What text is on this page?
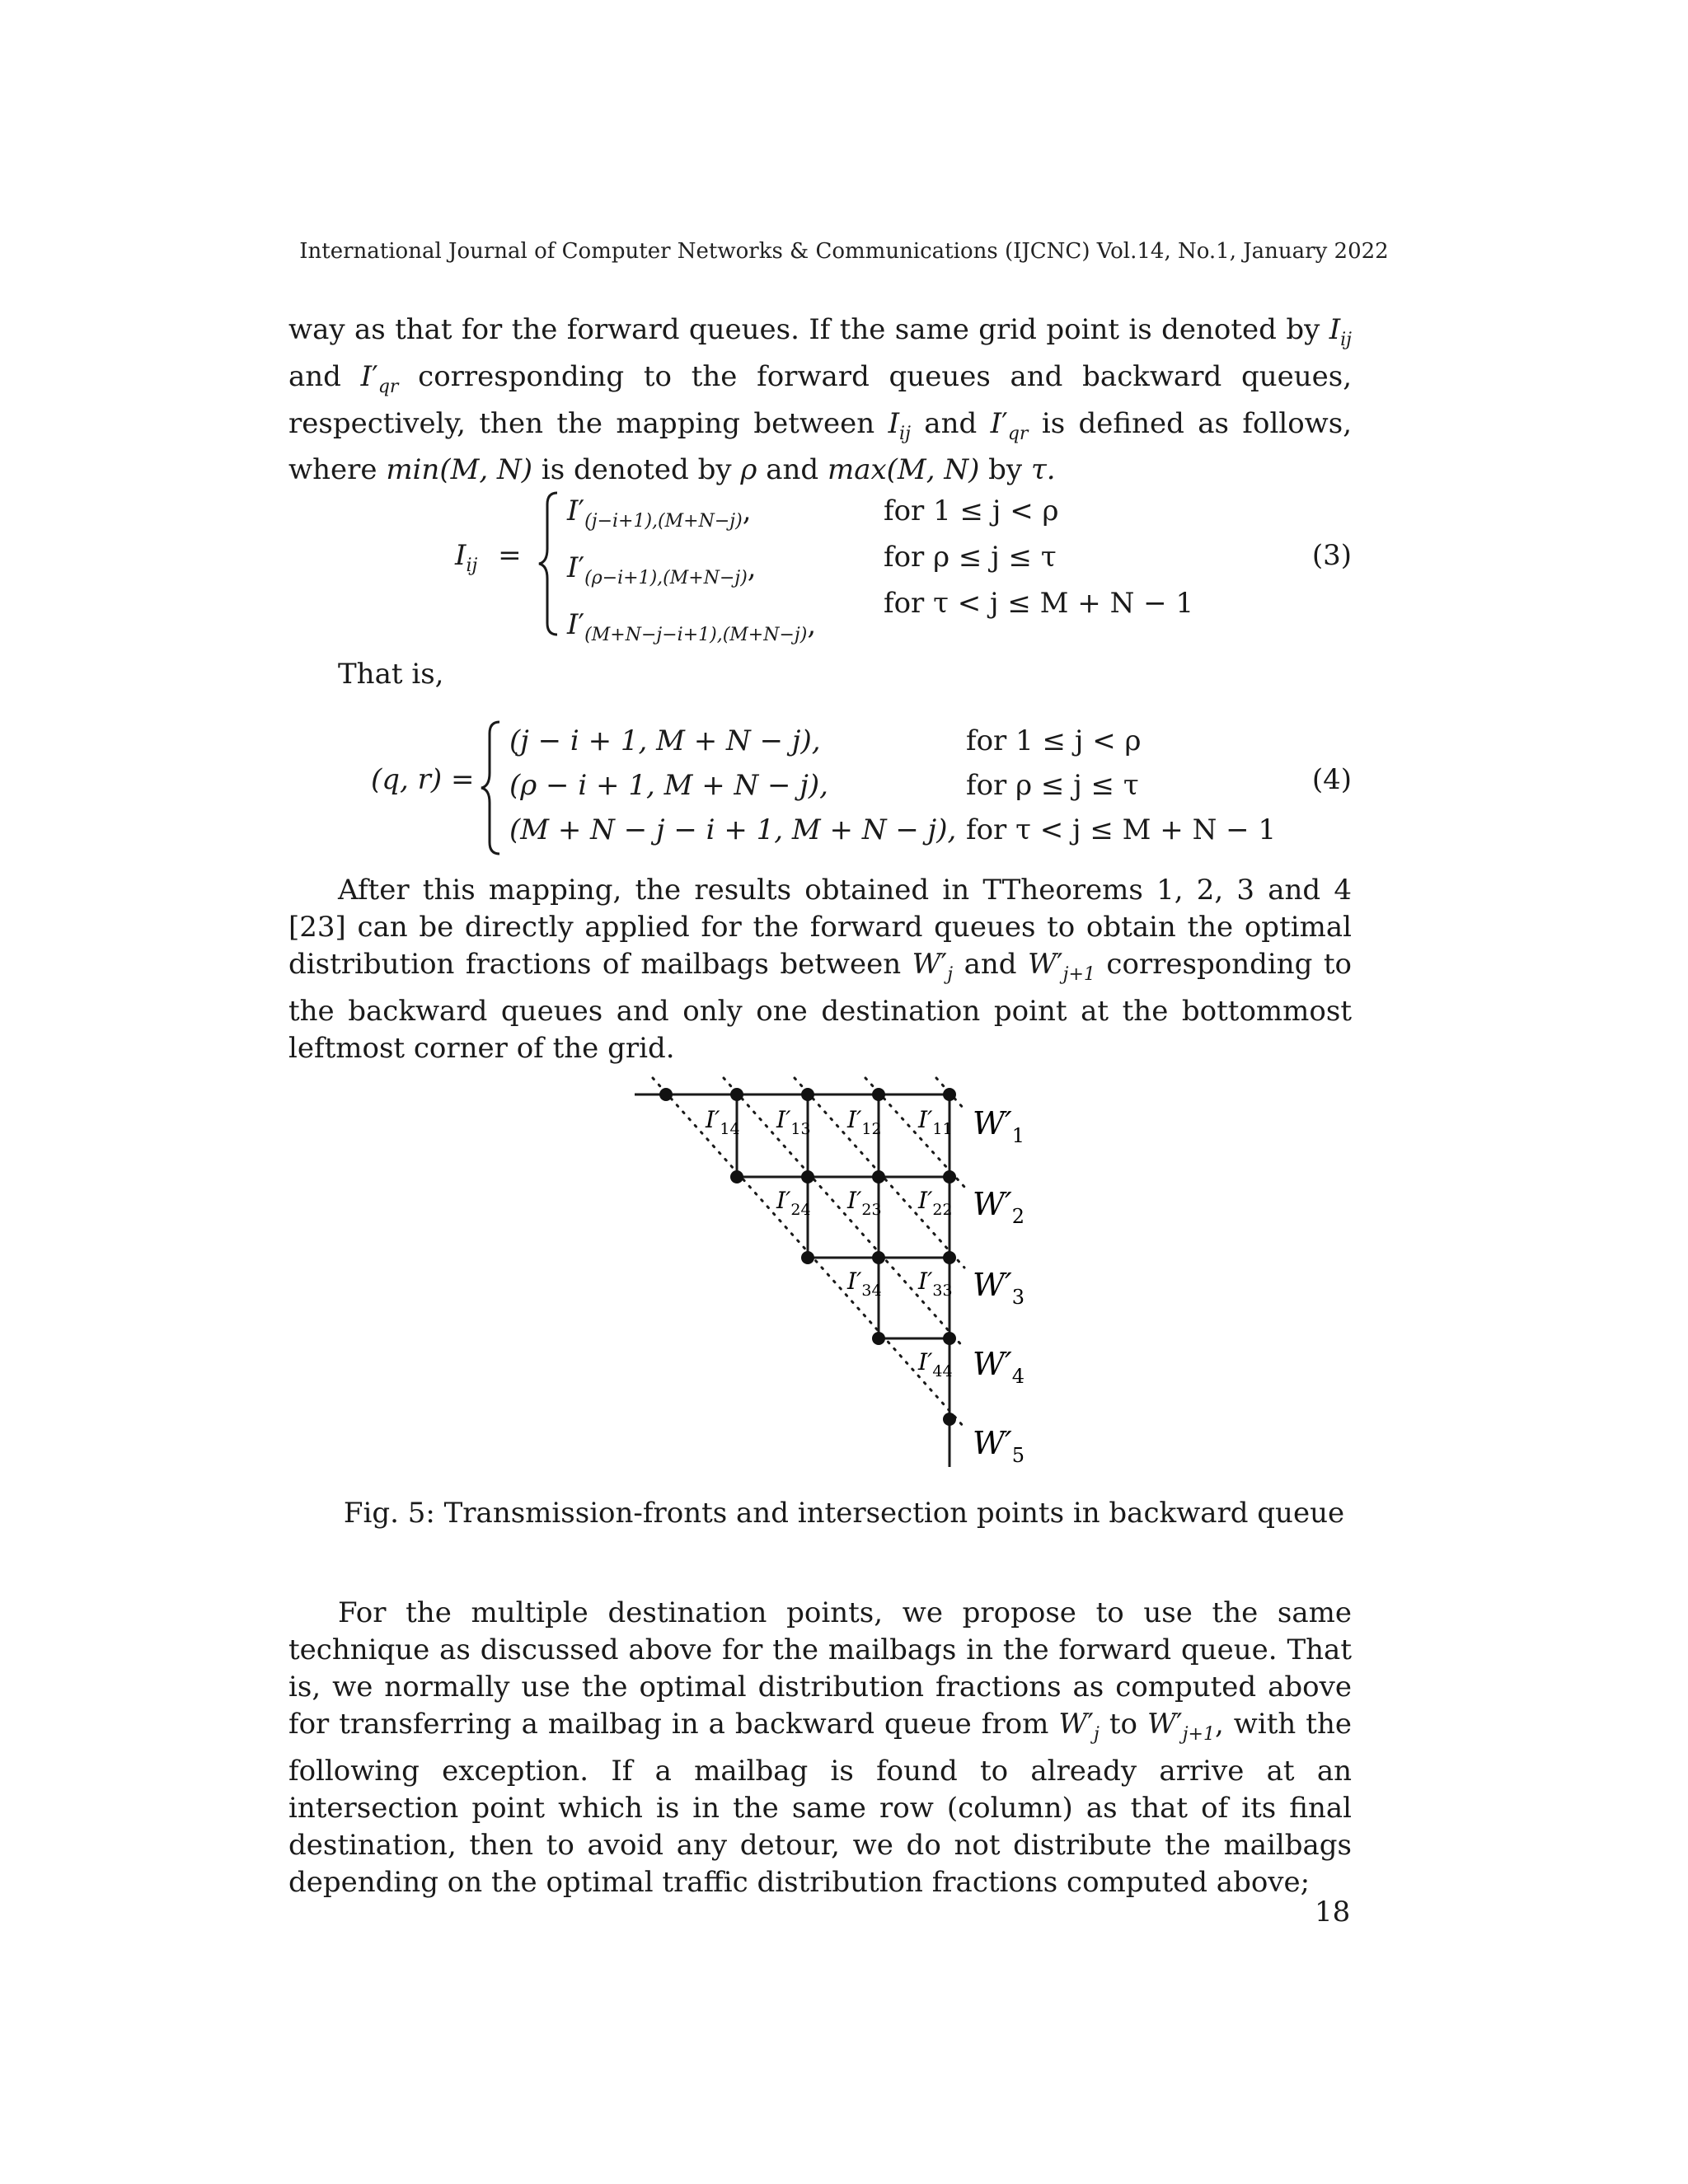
International Journal of Computer Networks & Communications (IJCNC) Vol.14, No.1, January 2022

way as that for the forward queues. If the same grid point is denoted by $I_{ij}$ and $I'_{qr}$ corresponding to the forward queues and backward queues, respectively, then the mapping between $I_{ij}$ and $I'_{qr}$ is defined as follows, where min(M, N) is denoted by ρ and max(M, N) by τ.

$I_{ij}$ =
$I'_{(j-i+1),(M+N-j)}$,
$I'_{(\rho-i+1),(M+N-j)}$,
$I'_{(M+N-j-i+1),(M+N-j)}$,
for 1 ≤ j < ρ
for ρ ≤ j ≤ τ
for τ < j ≤ M + N − 1
(3)
That is,
(q, r) =
(j − i + 1, M + N − j),
(ρ − i + 1, M + N − j),
(M + N − j − i + 1, M + N − j),
for 1 ≤ j < ρ
for ρ ≤ j ≤ τ
for τ < j ≤ M + N − 1
(4)

After this mapping, the results obtained in TTheorems 1, 2, 3 and 4 [23] can be directly applied for the forward queues to obtain the optimal distribution fractions of mailbags between $W'_j$ and $W'_{j+1}$ corresponding to the backward queues and only one destination point at the bottommost leftmost corner of the grid.

$I'_{14}$ $I'_{13}$ $I'_{12}$ $I'_{11}$
$I'_{24}$ $I'_{23}$ $I'_{22}$
$I'_{34}$ $I'_{33}$
$I'_{44}$
$W'_1$
$W'_2$
$W'_3$
$W'_4$
$W'_5$
Fig. 5: Transmission-fronts and intersection points in backward queue

For the multiple destination points, we propose to use the same technique as discussed above for the mailbags in the forward queue. That is, we normally use the optimal distribution fractions as computed above for transferring a mailbag in a backward queue from $W'_j$ to $W'_{j+1}$, with the following exception. If a mailbag is found to already arrive at an intersection point which is in the same row (column) as that of its final destination, then to avoid any detour, we do not distribute the mailbags depending on the optimal traffic distribution fractions computed above;

18
